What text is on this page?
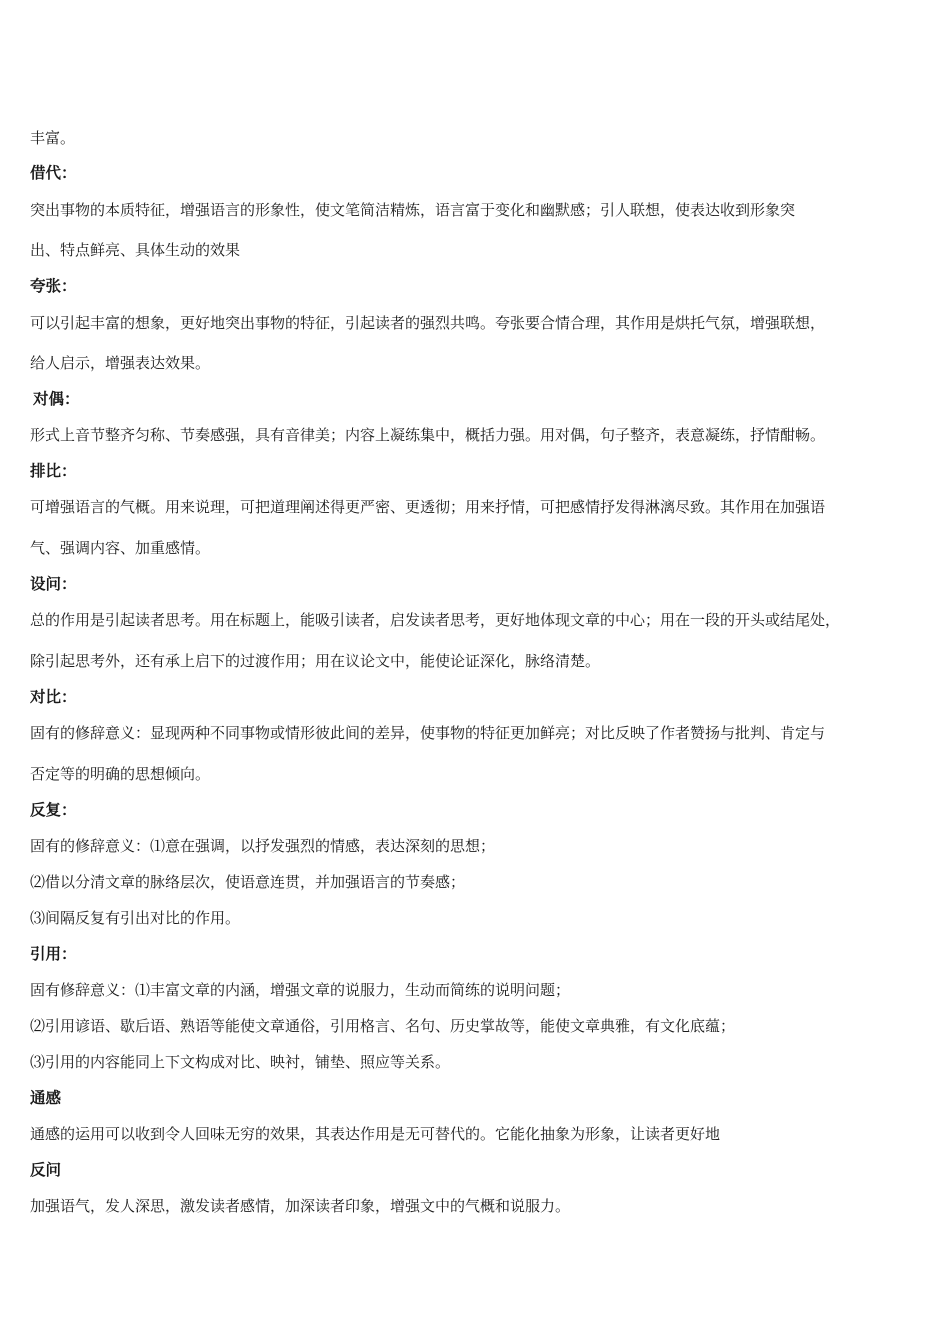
丰富。

借代：

突出事物的本质特征，增强语言的形象性，使文笔简洁精炼，语言富于变化和幽默感；引人联想，使表达收到形象突

出、特点鲜亮、具体生动的效果

夸张：

可以引起丰富的想象，更好地突出事物的特征，引起读者的强烈共鸣。夸张要合情合理，其作用是烘托气氛，增强联想，

给人启示，增强表达效果。

对偶：

形式上音节整齐匀称、节奏感强，具有音律美；内容上凝练集中，概括力强。用对偶，句子整齐，表意凝练，抒情酣畅。

排比：

可增强语言的气概。用来说理，可把道理阐述得更严密、更透彻；用来抒情，可把感情抒发得淋漓尽致。其作用在加强语

气、强调内容、加重感情。

设问：

总的作用是引起读者思考。用在标题上，能吸引读者，启发读者思考，更好地体现文章的中心；用在一段的开头或结尾处，

除引起思考外，还有承上启下的过渡作用；用在议论文中，能使论证深化，脉络清楚。

对比：

固有的修辞意义：显现两种不同事物或情形彼此间的差异，使事物的特征更加鲜亮；对比反映了作者赞扬与批判、肯定与

否定等的明确的思想倾向。

反复：

固有的修辞意义：⑴意在强调，以抒发强烈的情感，表达深刻的思想；

⑵借以分清文章的脉络层次，使语意连贯，并加强语言的节奏感；

⑶间隔反复有引出对比的作用。

引用：

固有修辞意义：⑴丰富文章的内涵，增强文章的说服力，生动而简练的说明问题；

⑵引用谚语、歇后语、熟语等能使文章通俗，引用格言、名句、历史掌故等，能使文章典雅，有文化底蕴；

⑶引用的内容能同上下文构成对比、映衬，铺垫、照应等关系。

通感

通感的运用可以收到令人回味无穷的效果，其表达作用是无可替代的。它能化抽象为形象，让读者更好地

反问

加强语气，发人深思，激发读者感情，加深读者印象，增强文中的气概和说服力。
